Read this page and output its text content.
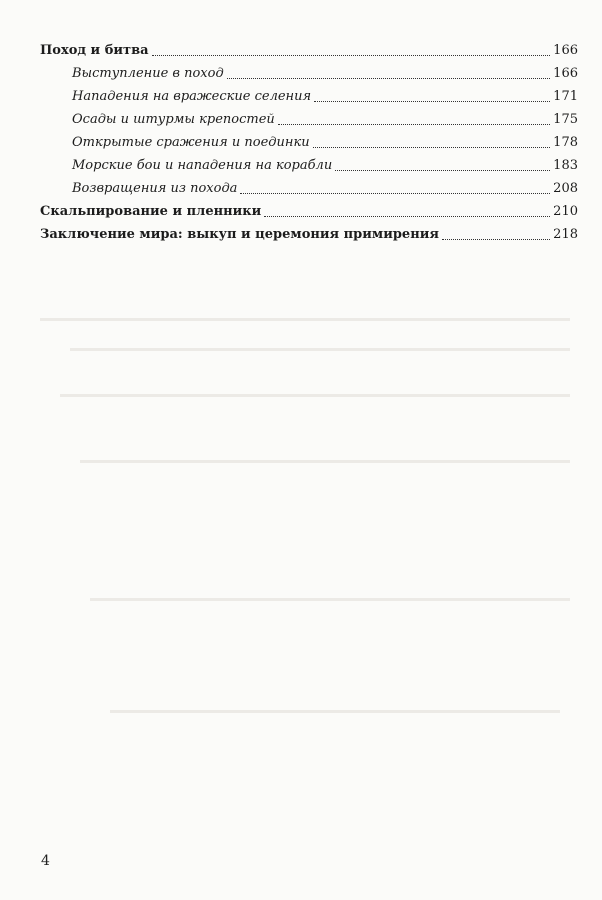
Поход и битва	166
Выступление в поход	166
Нападения на вражеские селения	171
Осады и штурмы крепостей	175
Открытые сражения и поединки	178
Морские бои и нападения на корабли	183
Возвращения из похода	208
Скальпирование и пленники	210
Заключение мира: выкуп и церемония примирения	218
4
